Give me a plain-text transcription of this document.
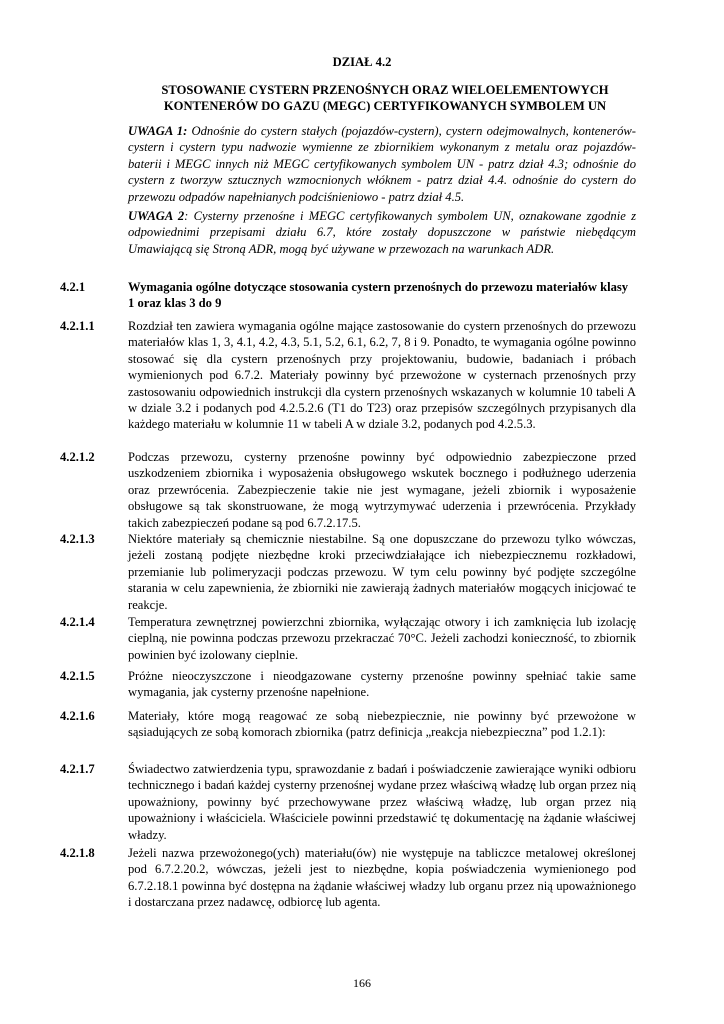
DZIAŁ 4.2
STOSOWANIE CYSTERN PRZENOŚNYCH ORAZ WIELOELEMENTOWYCH
KONTENERÓW DO GAZU (MEGC) CERTYFIKOWANYCH SYMBOLEM UN

UWAGA 1: Odnośnie do cystern stałych (pojazdów-cystern), cystern odejmowalnych, kontenerów-cystern i cystern typu nadwozie wymienne ze zbiornikiem wykonanym z metalu oraz pojazdów-baterii i MEGC innych niż MEGC certyfikowanych symbolem UN - patrz dział 4.3; odnośnie do cystern z tworzyw sztucznych wzmocnionych włóknem - patrz dział 4.4. odnośnie do cystern do przewozu odpadów napełnianych podciśnieniowo - patrz dział 4.5.

UWAGA 2: Cysterny przenośne i MEGC certyfikowanych symbolem UN, oznakowane zgodnie z odpowiednimi przepisami działu 6.7, które zostały dopuszczone w państwie niebędącym Umawiającą się Stroną ADR, mogą być używane w przewozach na warunkach ADR.

4.2.1	Wymagania ogólne dotyczące stosowania cystern przenośnych do przewozu materiałów klasy 1 oraz klas 3 do 9
4.2.1.1	Rozdział ten zawiera wymagania ogólne mające zastosowanie do cystern przenośnych do przewozu materiałów klas 1, 3, 4.1, 4.2, 4.3, 5.1, 5.2, 6.1, 6.2, 7, 8 i 9. Ponadto, te wymagania ogólne powinno stosować się dla cystern przenośnych przy projektowaniu, budowie, badaniach i próbach wymienionych pod 6.7.2. Materiały powinny być przewożone w cysternach przenośnych przy zastosowaniu odpowiednich instrukcji dla cystern przenośnych wskazanych w kolumnie 10 tabeli A w dziale 3.2 i podanych pod 4.2.5.2.6 (T1 do T23) oraz przepisów szczególnych przypisanych dla każdego materiału w kolumnie 11 w tabeli A w dziale 3.2, podanych pod 4.2.5.3.
4.2.1.2	Podczas przewozu, cysterny przenośne powinny być odpowiednio zabezpieczone przed uszkodzeniem zbiornika i wyposażenia obsługowego wskutek bocznego i podłużnego uderzenia oraz przewrócenia. Zabezpieczenie takie nie jest wymagane, jeżeli zbiornik i wyposażenie obsługowe są tak skonstruowane, że mogą wytrzymywać uderzenia i przewrócenia. Przykłady takich zabezpieczeń podane są pod 6.7.2.17.5.
4.2.1.3	Niektóre materiały są chemicznie niestabilne. Są one dopuszczane do przewozu tylko wówczas, jeżeli zostaną podjęte niezbędne kroki przeciwdziałające ich niebezpiecznemu rozkładowi, przemianie lub polimeryzacji podczas przewozu. W tym celu powinny być podjęte szczególne starania w celu zapewnienia, że zbiorniki nie zawierają żadnych materiałów mogących inicjować te reakcje.
4.2.1.4	Temperatura zewnętrznej powierzchni zbiornika, wyłączając otwory i ich zamknięcia lub izolację cieplną, nie powinna podczas przewozu przekraczać 70°C. Jeżeli zachodzi konieczność, to zbiornik powinien być izolowany cieplnie.
4.2.1.5	Próżne nieoczyszczone i nieodgazowane cysterny przenośne powinny spełniać takie same wymagania, jak cysterny przenośne napełnione.
4.2.1.6	Materiały, które mogą reagować ze sobą niebezpiecznie, nie powinny być przewożone w sąsiadujących ze sobą komorach zbiornika (patrz definicja „reakcja niebezpieczna” pod 1.2.1):
4.2.1.7	Świadectwo zatwierdzenia typu, sprawozdanie z badań i poświadczenie zawierające wyniki odbioru technicznego i badań każdej cysterny przenośnej wydane przez właściwą władzę lub organ przez nią upoważniony, powinny być przechowywane przez właściwą władzę, lub organ przez nią upoważniony i właściciela. Właściciele powinni przedstawić tę dokumentację na żądanie właściwej władzy.
4.2.1.8	Jeżeli nazwa przewożonego(ych) materiału(ów) nie występuje na tabliczce metalowej określonej pod 6.7.2.20.2, wówczas, jeżeli jest to niezbędne, kopia poświadczenia wymienionego pod 6.7.2.18.1 powinna być dostępna na żądanie właściwej władzy lub organu przez nią upoważnionego i dostarczana przez nadawcę, odbiorcę lub agenta.
166
